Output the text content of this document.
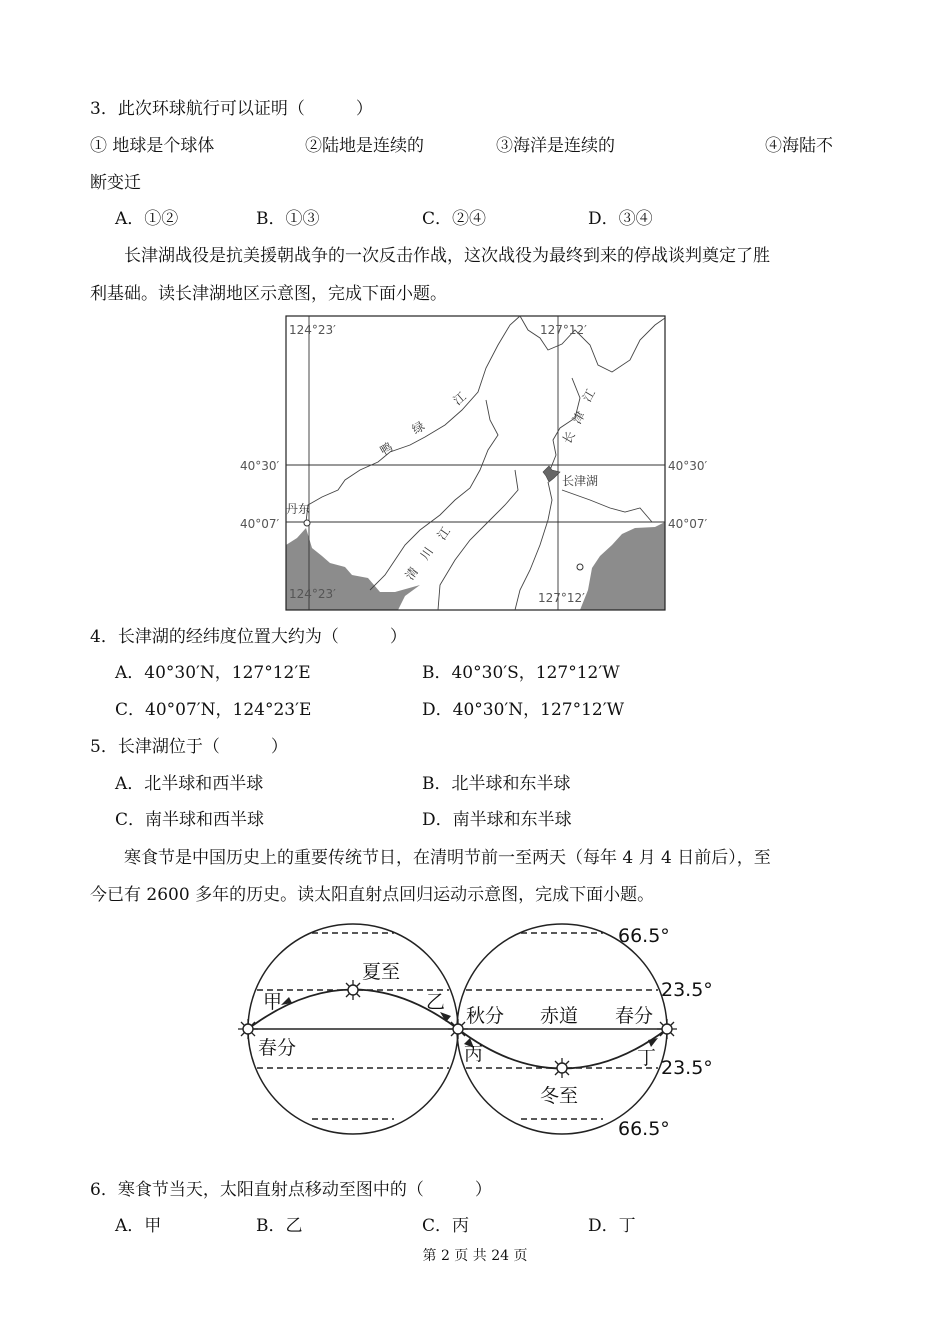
3．此次环球航行可以证明（　　　）
① 地球是个球体	②陆地是连续的	③海洋是连续的	④海陆不
断变迁
A．①②	B．①③	C．②④	D．③④
长津湖战役是抗美援朝战争的一次反击作战，这次战役为最终到来的停战谈判奠定了胜
利基础。读长津湖地区示意图，完成下面小题。
124°23′	127°12′
124°23′	127°12′
40°30′
40°07′
40°30′
40°07′
长津湖
丹东
鸭
绿
江
长
津
江
清
川
江
4．长津湖的经纬度位置大约为（　　　）
A．40°30′N，127°12′E	B．40°30′S，127°12′W
C．40°07′N，124°23′E	D．40°30′N，127°12′W
5．长津湖位于（　　　）
A．北半球和西半球	B．北半球和东半球
C．南半球和西半球	D．南半球和东半球
寒食节是中国历史上的重要传统节日，在清明节前一至两天（每年 4 月 4 日前后），至
今已有 2600 多年的历史。读太阳直射点回归运动示意图，完成下面小题。
66.5°
23.5°
23.5°
66.5°
夏至
冬至
秋分 赤道 春分
春分
甲	乙
丙	丁
6．寒食节当天，太阳直射点移动至图中的（　　　）
A．甲	B．乙	C．丙	D．丁
第 2 页 共 24 页
